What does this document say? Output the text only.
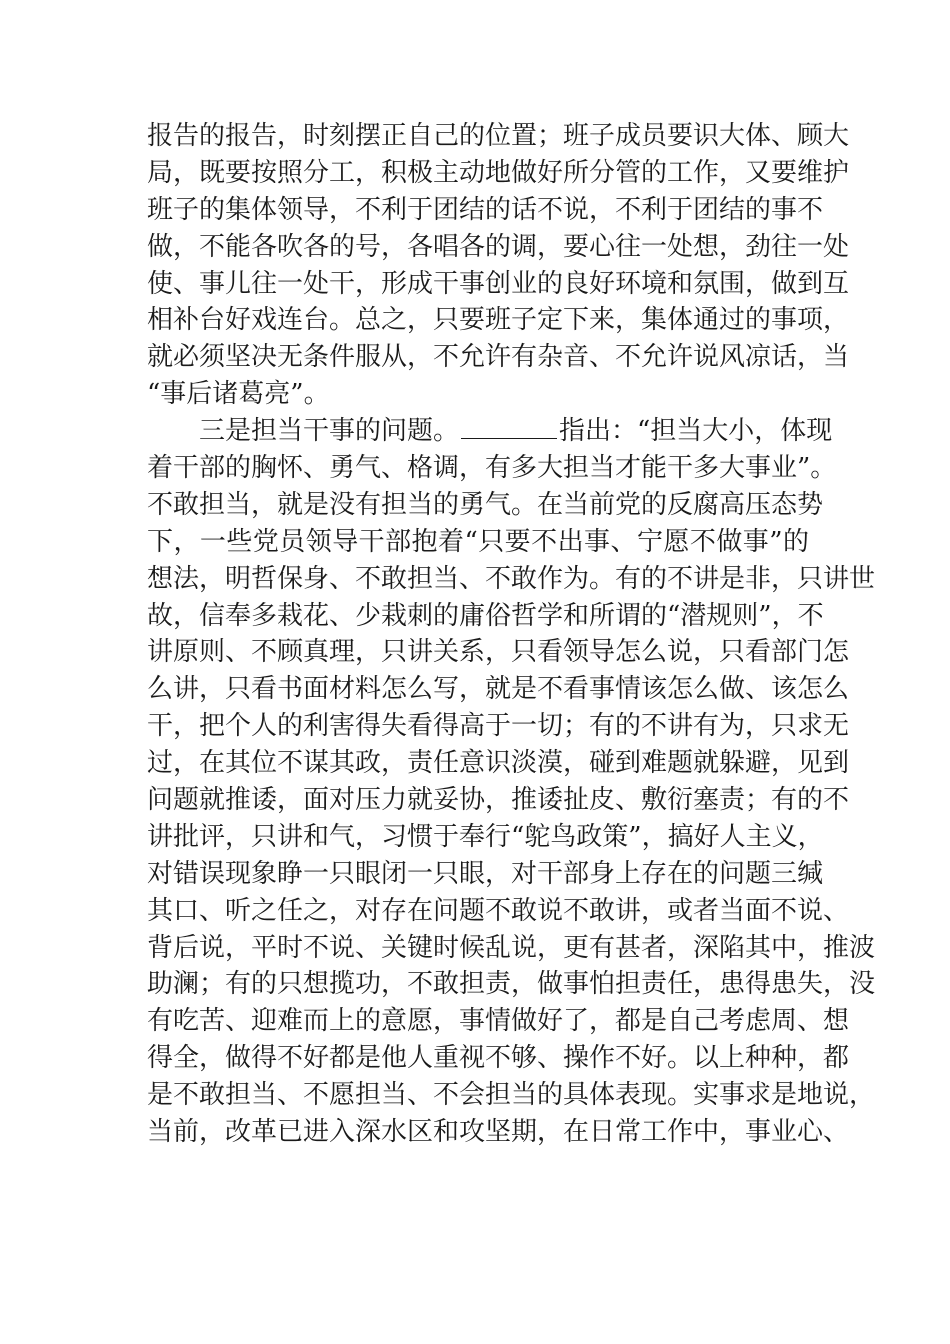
报告的报告，时刻摆正自己的位置；班子成员要识大体、顾大
局，既要按照分工，积极主动地做好所分管的工作，又要维护
班子的集体领导，不利于团结的话不说，不利于团结的事不
做，不能各吹各的号，各唱各的调，要心往一处想，劲往一处
使、事儿往一处干，形成干事创业的良好环境和氛围，做到互
相补台好戏连台。总之，只要班子定下来，集体通过的事项，
就必须坚决无条件服从，不允许有杂音、不允许说风凉话，当
“事后诸葛亮”。
三是担当干事的问题。	指出：“担当大小，体现
着干部的胸怀、勇气、格调，有多大担当才能干多大事业”。
不敢担当，就是没有担当的勇气。在当前党的反腐高压态势
下，一些党员领导干部抱着“只要不出事、宁愿不做事”的
想法，明哲保身、不敢担当、不敢作为。有的不讲是非，只讲世
故，信奉多栽花、少栽刺的庸俗哲学和所谓的“潜规则”，不
讲原则、不顾真理，只讲关系，只看领导怎么说，只看部门怎
么讲，只看书面材料怎么写，就是不看事情该怎么做、该怎么
干，把个人的利害得失看得高于一切；有的不讲有为，只求无
过，在其位不谋其政，责任意识淡漠，碰到难题就躲避，见到
问题就推诿，面对压力就妥协，推诿扯皮、敷衍塞责；有的不
讲批评，只讲和气，习惯于奉行“鸵鸟政策”，搞好人主义，
对错误现象睁一只眼闭一只眼，对干部身上存在的问题三缄
其口、听之任之，对存在问题不敢说不敢讲，或者当面不说、
背后说，平时不说、关键时候乱说，更有甚者，深陷其中，推波
助澜；有的只想揽功，不敢担责，做事怕担责任，患得患失，没
有吃苦、迎难而上的意愿，事情做好了，都是自己考虑周、想
得全，做得不好都是他人重视不够、操作不好。以上种种，都
是不敢担当、不愿担当、不会担当的具体表现。实事求是地说，
当前，改革已进入深水区和攻坚期，在日常工作中，事业心、
